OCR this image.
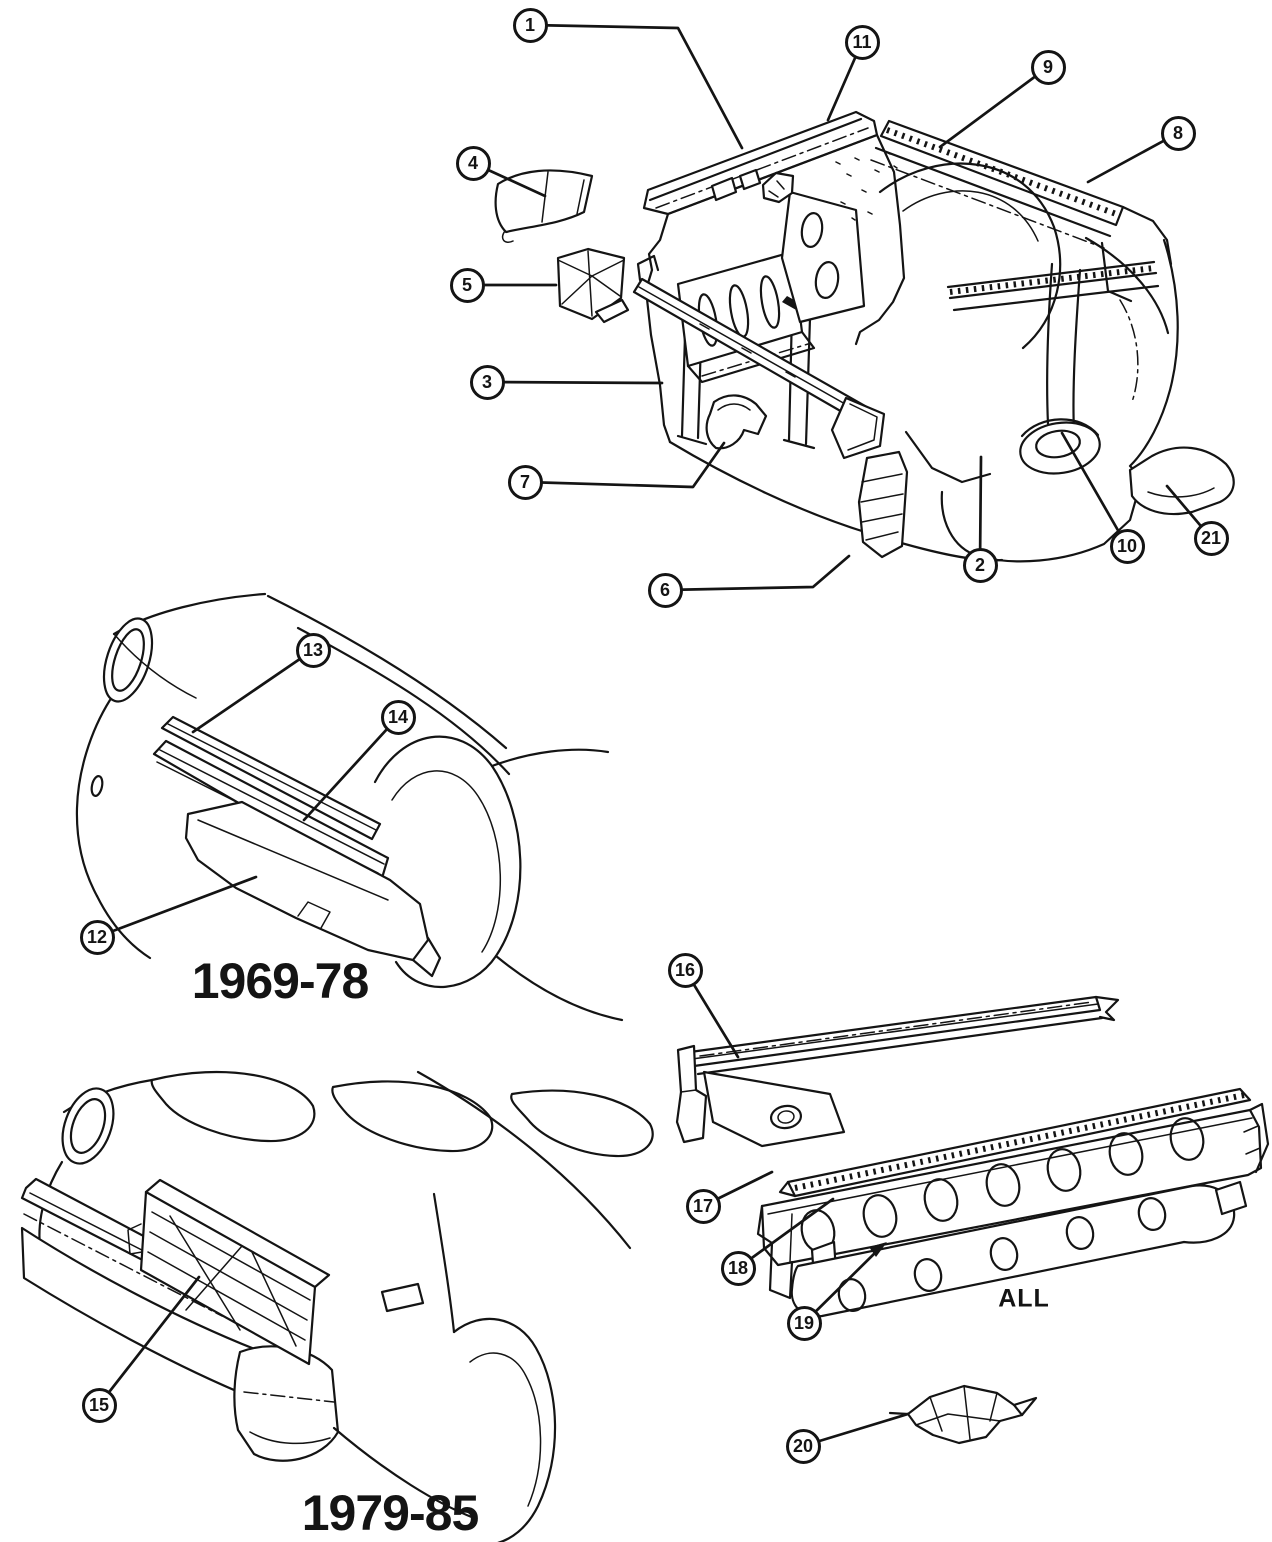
1
2
3
4
5
6
7
8
9
10
11
12
13
14
15
16
17
18
19
20
21
1969-78
1979-85
ALL
